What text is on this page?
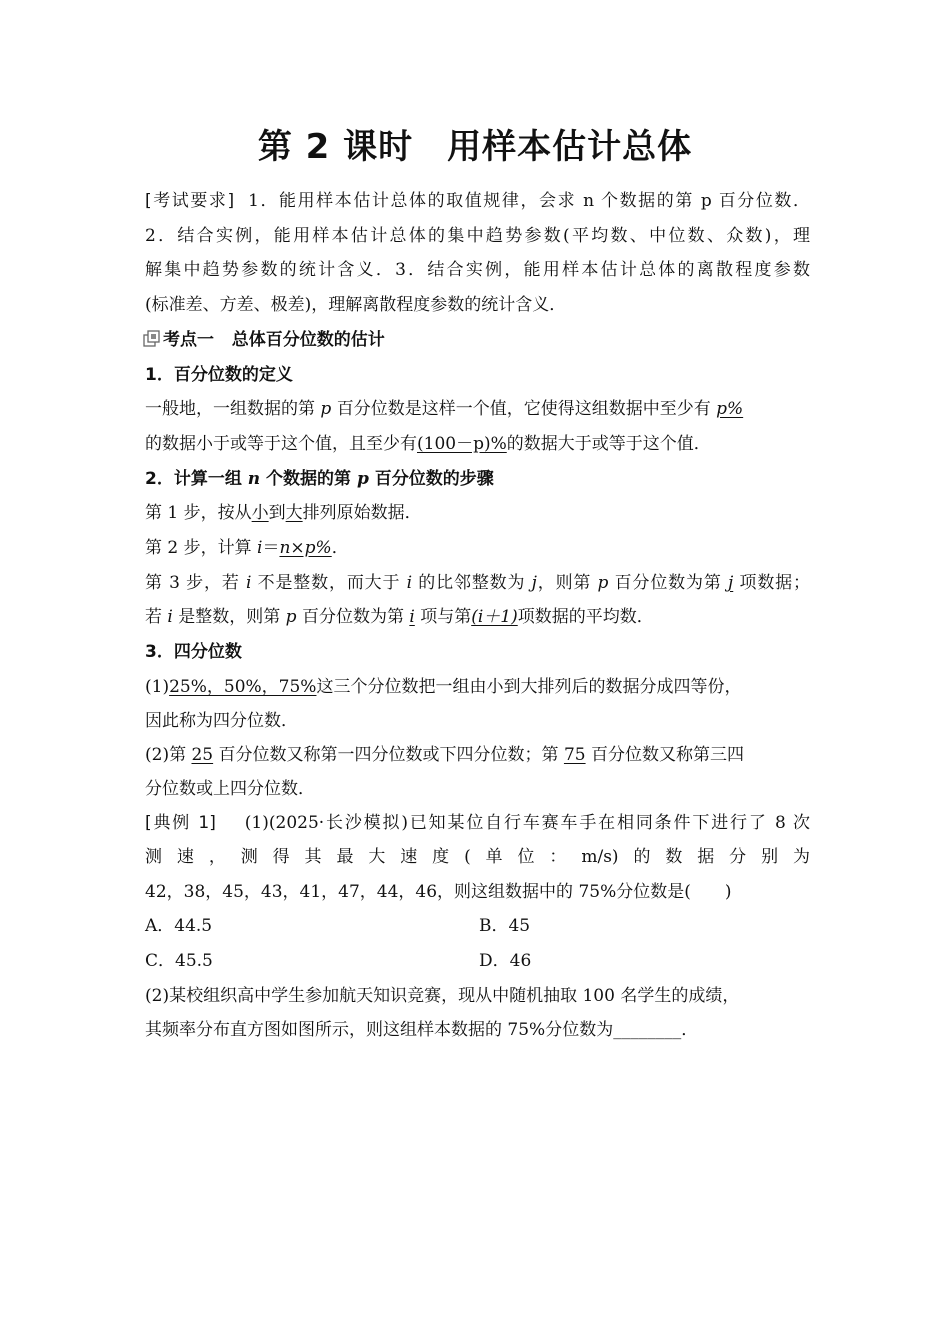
第 2 课时 用样本估计总体
[考试要求] 1．能用样本估计总体的取值规律，会求 n 个数据的第 p 百分位数．
2．结合实例，能用样本估计总体的集中趋势参数(平均数、中位数、众数)，理
解集中趋势参数的统计含义．3．结合实例，能用样本估计总体的离散程度参数
(标准差、方差、极差)，理解离散程度参数的统计含义．
考点一 总体百分位数的估计
1．百分位数的定义
一般地，一组数据的第 p 百分位数是这样一个值，它使得这组数据中至少有 p%
的数据小于或等于这个值，且至少有(100－p)%的数据大于或等于这个值．
2．计算一组 n 个数据的第 p 百分位数的步骤
第 1 步，按从小到大排列原始数据．
第 2 步，计算 i＝n×p%．
第 3 步，若 i 不是整数，而大于 i 的比邻整数为 j，则第 p 百分位数为第 j 项数据；
若 i 是整数，则第 p 百分位数为第 i 项与第(i＋1)项数据的平均数．
3．四分位数
(1)25%，50%，75%这三个分位数把一组由小到大排列后的数据分成四等份，
因此称为四分位数．
(2)第 25 百分位数又称第一四分位数或下四分位数；第 75 百分位数又称第三四
分位数或上四分位数．
[典例 1] (1)(2025·长沙模拟)已知某位自行车赛车手在相同条件下进行了 8 次
测速，测得其最大速度(单位：m/s)的数据分别为
42，38，45，43，41，47，44，46，则这组数据中的 75%分位数是(　　)
A．44.5	B．45
C．45.5	D．46
(2)某校组织高中学生参加航天知识竞赛，现从中随机抽取 100 名学生的成绩，
其频率分布直方图如图所示，则这组样本数据的 75%分位数为________．
